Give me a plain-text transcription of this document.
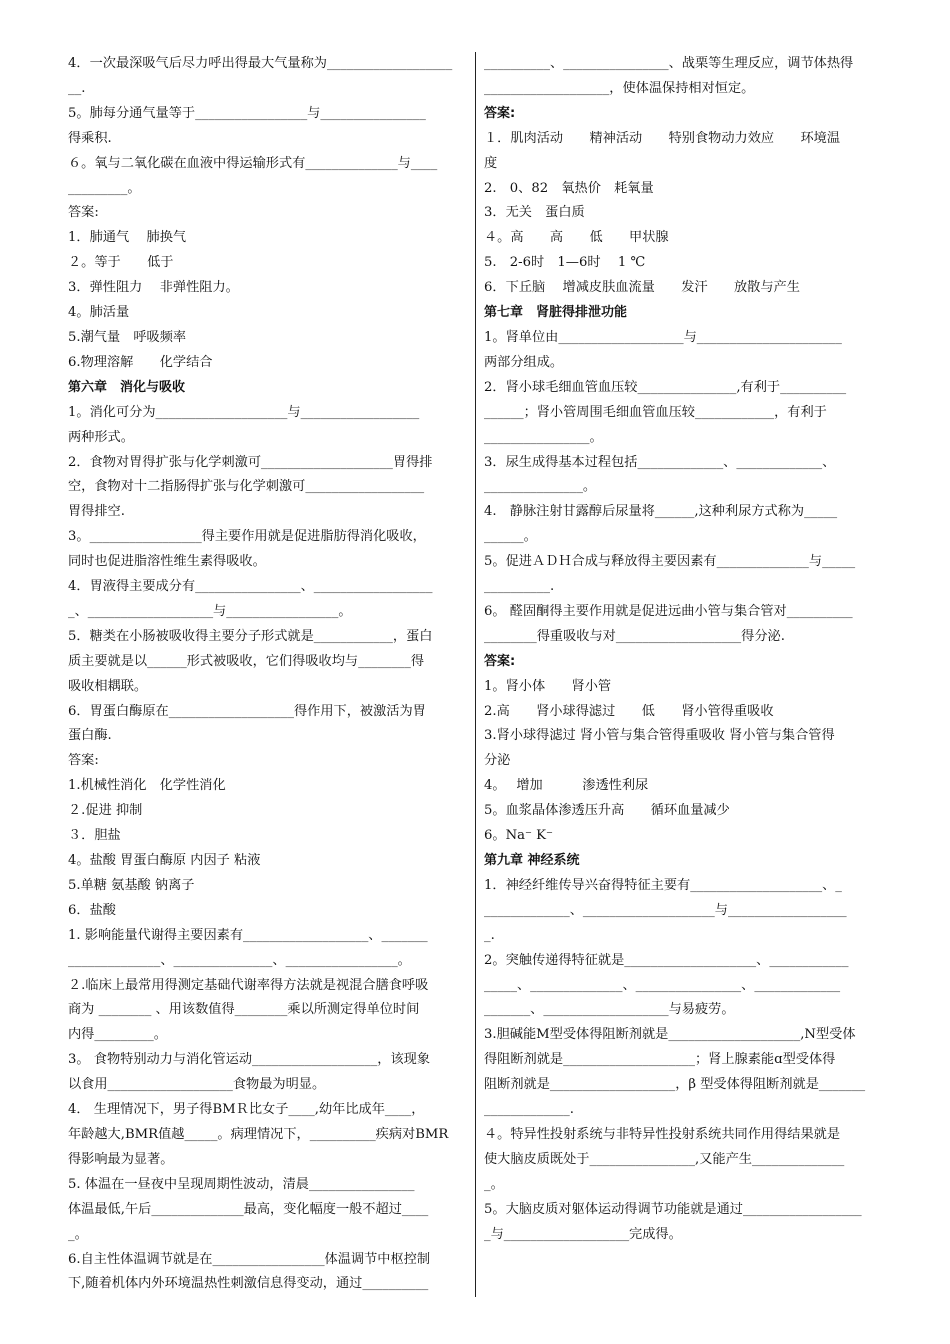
4．一次最深吸气后尽力呼出得最大气量称为___________________
__.
5。肺每分通气量等于_________________与________________
得乘积.
６。氧与二氧化碳在血液中得运输形式有______________与____
_________。
答案:
1．肺通气　 肺换气
２。等于　　低于
3．弹性阻力　 非弹性阻力。
4。肺活量
5.潮气量　呼吸频率
6.物理溶解　　化学结合
第六章　消化与吸收
1。消化可分为____________________与__________________
两种形式。
2．食物对胃得扩张与化学刺激可____________________胃得排
空，食物对十二指肠得扩张与化学刺激可__________________
胃得排空.
3。_________________得主要作用就是促进脂肪得消化吸收，
同时也促进脂溶性维生素得吸收。
4．胃液得主要成分有________________、__________________
_、___________________与_________________。
5．糖类在小肠被吸收得主要分子形式就是____________，蛋白
质主要就是以______形式被吸收，它们得吸收均与________得
吸收相耦联。
6．胃蛋白酶原在___________________得作用下，被激活为胃
蛋白酶.
答案:
1.机械性消化　化学性消化
２.促进 抑制
３．胆盐
4。盐酸 胃蛋白酶原 内因子 粘液
5.单糖 氨基酸 钠离子
6．盐酸
1. 影响能量代谢得主要因素有___________________、_______
______________、_______________、_________________。
２.临床上最常用得测定基础代谢率得方法就是视混合膳食呼吸
商为 ________ 、用该数值得________乘以所测定得单位时间
内得_________。
3。 食物特别动力与消化管运动___________________，该现象
以食用___________________食物最为明显。
4． 生理情况下，男子得BMＲ比女子____,幼年比成年____，
年龄越大,BMR值越_____。病理情况下，__________疾病对BMR
得影响最为显著。
5. 体温在一昼夜中呈现周期性波动，清晨________________
体温最低,午后______________最高，变化幅度一般不超过____
_。
6.自主性体温调节就是在_________________体温调节中枢控制
下,随着机体内外环境温热性刺激信息得变动，通过__________
__________、________________、战栗等生理反应，调节体热得
___________________，使体温保持相对恒定。
答案:
１．肌肉活动　　精神活动　　特别食物动力效应　　环境温
度
2.　0、82　氧热价　耗氧量
3．无关　蛋白质
４。高　　高　　低　　甲状腺
5.　2-6时　1—6时　 1 ℃
6．下丘脑　 增减皮肤血流量　　发汗　　放散与产生
第七章　肾脏得排泄功能
1。肾单位由___________________与______________________
两部分组成。
2．肾小球毛细血管血压较_______________,有利于__________
______；肾小管周围毛细血管血压较____________，有利于
________________。
3．尿生成得基本过程包括_____________、_____________、
_______________。
4.　静脉注射甘露醇后尿量将______,这种利尿方式称为_____
______。
5。促进ＡＤＨ合成与释放得主要因素有______________与_____
__________.
6。 醛固酮得主要作用就是促进远曲小管与集合管对__________
________得重吸收与对___________________得分泌.
答案:
1。肾小体　　肾小管
2.高　　肾小球得滤过　　低　　肾小管得重吸收
3.肾小球得滤过 肾小管与集合管得重吸收 肾小管与集合管得
分泌
4。　 增加　　　渗透性利尿
5。血浆晶体渗透压升高　　循环血量减少
6。Na⁻ K⁻
第九章 神经系统
1．神经纤维传导兴奋得特征主要有____________________、_
_____________、____________________与__________________
_.
2。突触传递得特征就是____________________、____________
_____、______________、________________、_____________
_______、___________________与易疲劳。
3.胆碱能M型受体得阻断剂就是____________________,N型受体
得阻断剂就是____________________；肾上腺素能ɑ型受体得
阻断剂就是___________________，β 型受体得阻断剂就是_______
_____________.
４。特异性投射系统与非特异性投射系统共同作用得结果就是
使大脑皮质既处于________________,又能产生______________
_。
5。大脑皮质对躯体运动得调节功能就是通过__________________
_与___________________完成得。
